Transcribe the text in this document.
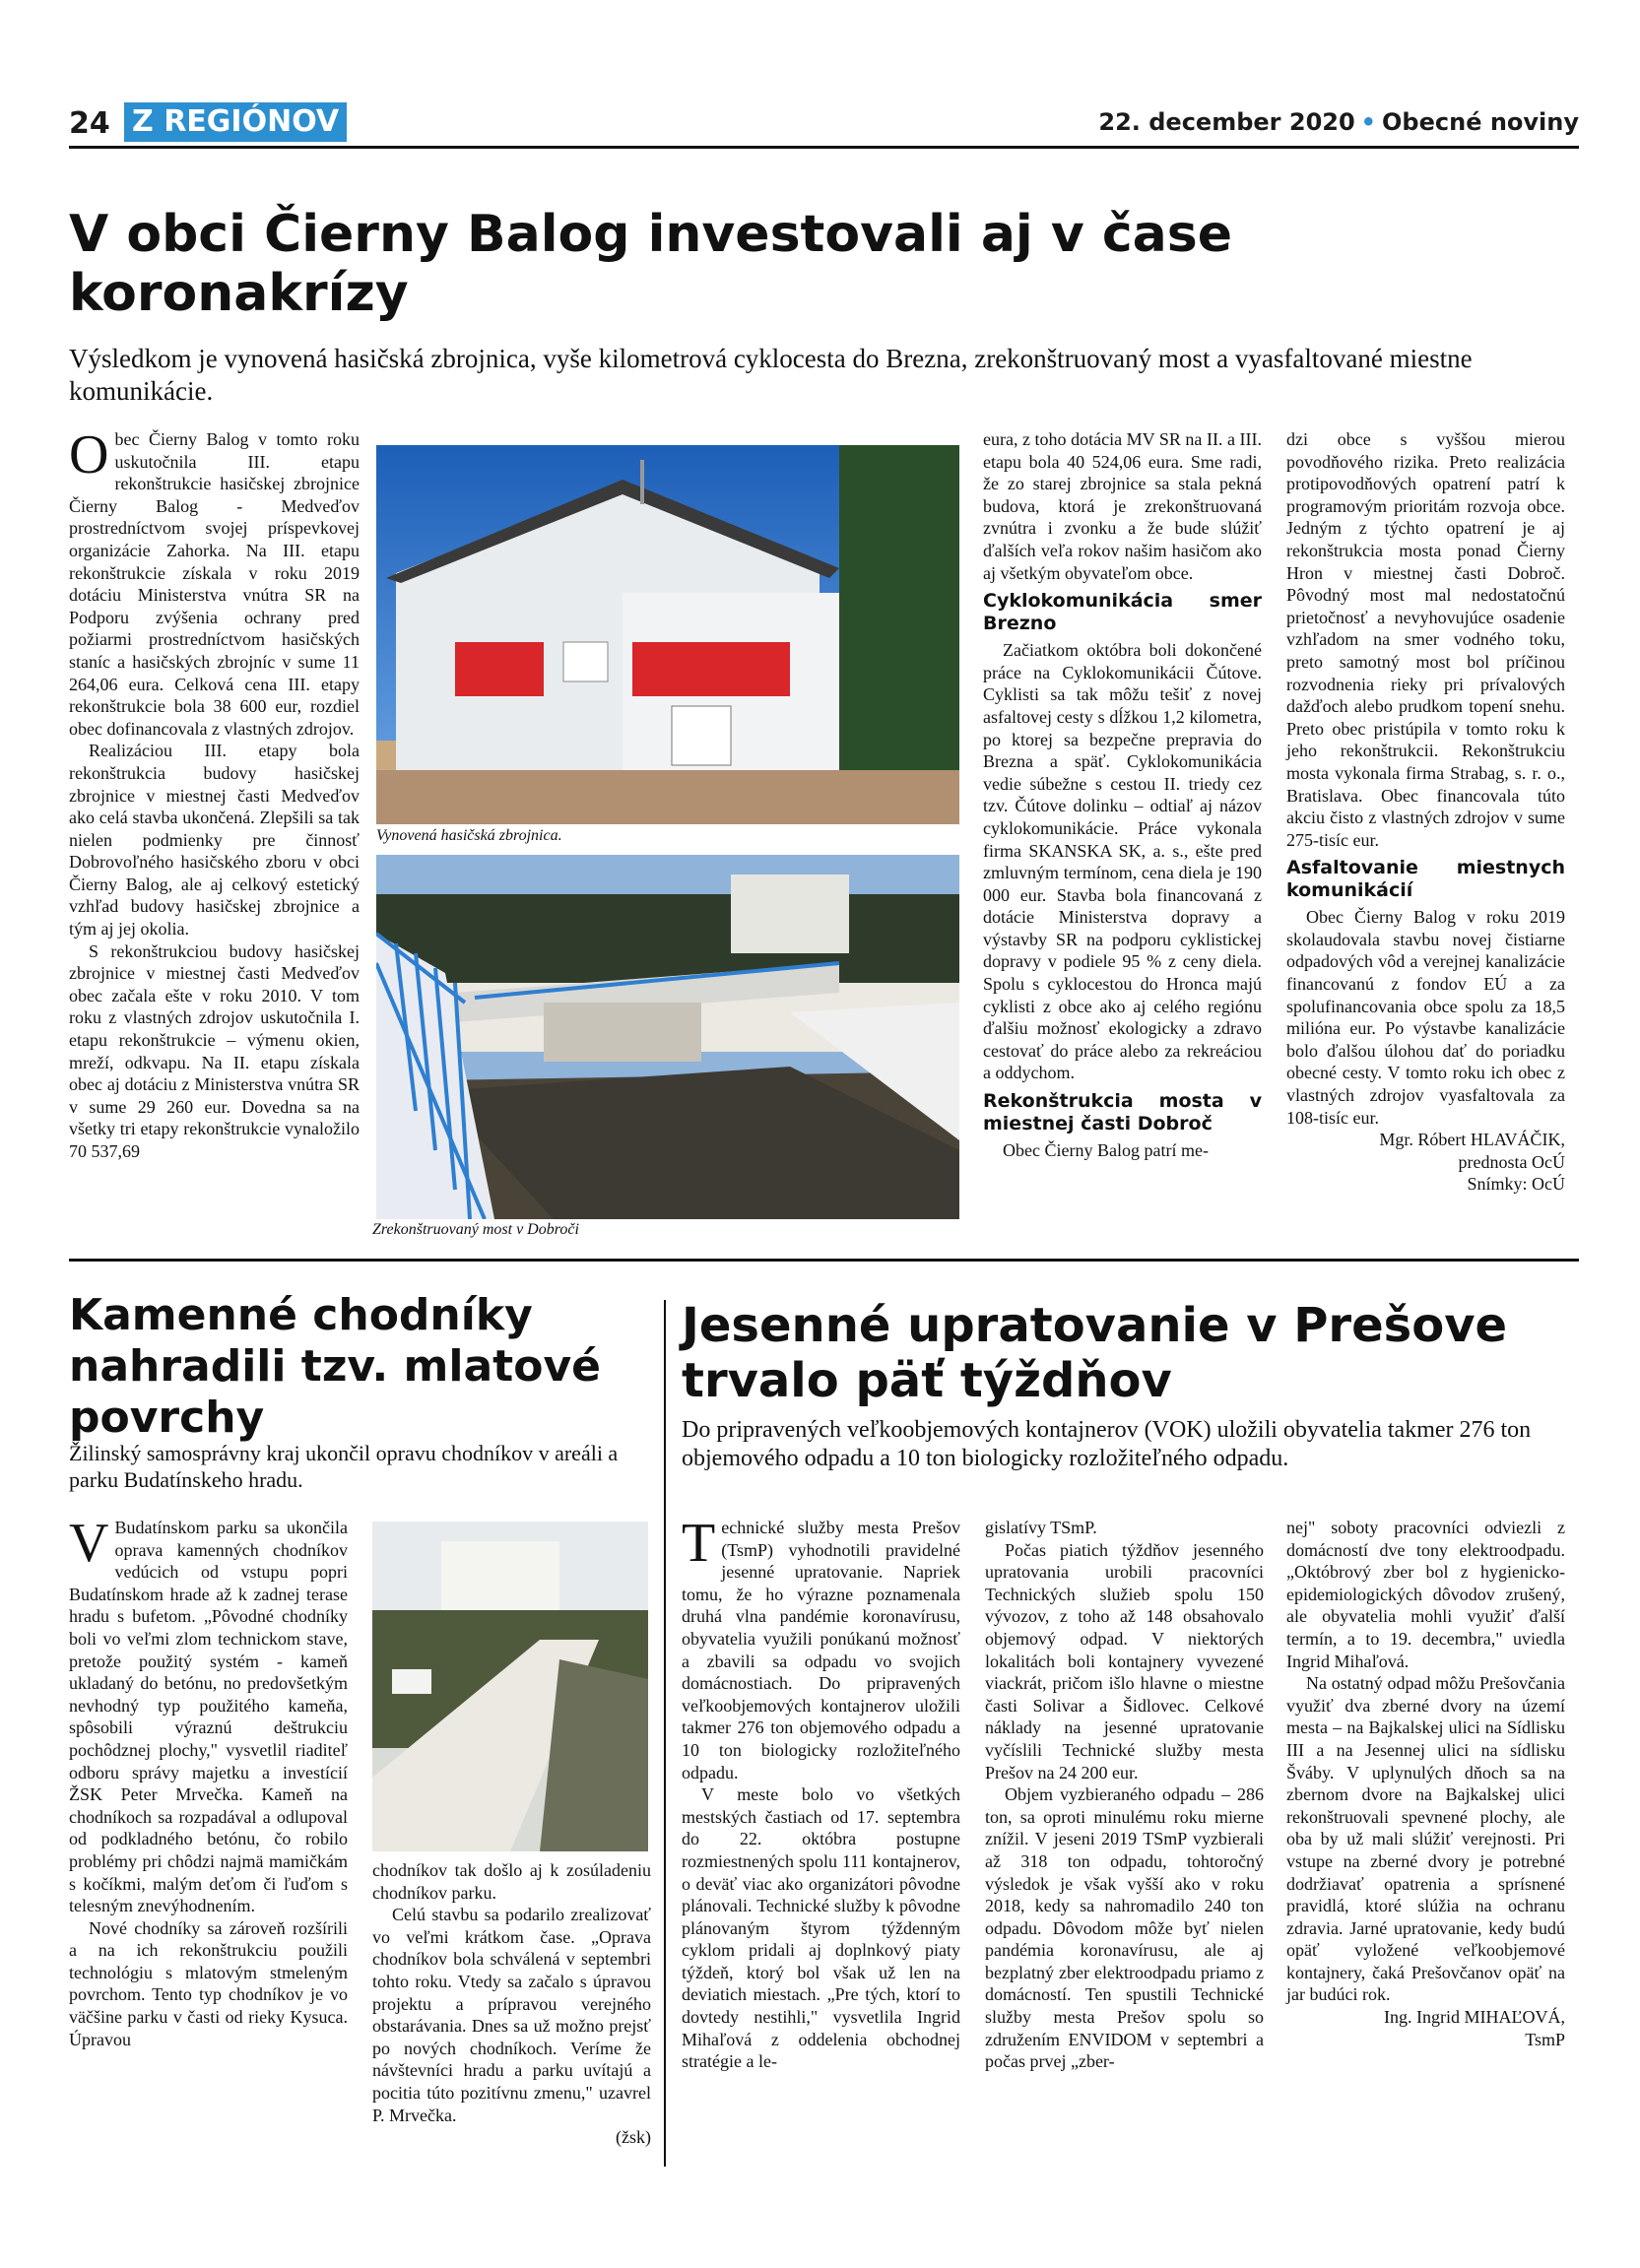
24 Z REGIÓNOV	22. december 2020 • Obecné noviny
V obci Čierny Balog investovali aj v čase koronakrízy
Výsledkom je vynovená hasičská zbrojnica, vyše kilometrová cyklocesta do Brezna, zrekonštruovaný most a vyasfaltované miestne komunikácie.

Obec Čierny Balog v tomto roku uskutočnila III. etapu rekonštrukcie hasičskej zbrojnice Čierny Balog - Medveďov prostredníctvom svojej príspevkovej organizácie Zahorka. Na III. etapu rekonštrukcie získala v roku 2019 dotáciu Ministerstva vnútra SR na Podporu zvýšenia ochrany pred požiarmi prostredníctvom hasičských staníc a hasičských zbrojníc v sume 11 264,06 eura. Celková cena III. etapy rekonštrukcie bola 38 600 eur, rozdiel obec dofinancovala z vlastných zdrojov.

Realizáciou III. etapy bola rekonštrukcia budovy hasičskej zbrojnice v miestnej časti Medveďov ako celá stavba ukončená. Zlepšili sa tak nielen podmienky pre činnosť Dobrovoľného hasičského zboru v obci Čierny Balog, ale aj celkový estetický vzhľad budovy hasičskej zbrojnice a tým aj jej okolia.

S rekonštrukciou budovy hasičskej zbrojnice v miestnej časti Medveďov obec začala ešte v roku 2010. V tom roku z vlastných zdrojov uskutočnila I. etapu rekonštrukcie – výmenu okien, mreží, odkvapu. Na II. etapu získala obec aj dotáciu z Ministerstva vnútra SR v sume 29 260 eur. Dovedna sa na všetky tri etapy rekonštrukcie vynaložilo 70 537,69

Vynovená hasičská zbrojnica.
Zrekonštruovaný most v Dobroči

eura, z toho dotácia MV SR na II. a III. etapu bola 40 524,06 eura. Sme radi, že zo starej zbrojnice sa stala pekná budova, ktorá je zrekonštruovaná zvnútra i zvonku a že bude slúžiť ďalších veľa rokov našim hasičom ako aj všetkým obyvateľom obce.

Cyklokomunikácia smer Brezno

Začiatkom októbra boli dokončené práce na Cyklokomunikácii Čútove. Cyklisti sa tak môžu tešiť z novej asfaltovej cesty s dĺžkou 1,2 kilometra, po ktorej sa bezpečne prepravia do Brezna a späť. Cyklokomunikácia vedie súbežne s cestou II. triedy cez tzv. Čútove dolinku – odtiaľ aj názov cyklokomunikácie. Práce vykonala firma SKANSKA SK, a. s., ešte pred zmluvným termínom, cena diela je 190 000 eur. Stavba bola financovaná z dotácie Ministerstva dopravy a výstavby SR na podporu cyklistickej dopravy v podiele 95 % z ceny diela. Spolu s cyklocestou do Hronca majú cyklisti z obce ako aj celého regiónu ďalšiu možnosť ekologicky a zdravo cestovať do práce alebo za rekreáciou a oddychom.

Rekonštrukcia mosta v miestnej časti Dobroč

Obec Čierny Balog patrí me-

dzi obce s vyššou mierou povodňového rizika. Preto realizácia protipovodňových opatrení patrí k programovým prioritám rozvoja obce. Jedným z týchto opatrení je aj rekonštrukcia mosta ponad Čierny Hron v miestnej časti Dobroč. Pôvodný most mal nedostatočnú prietočnosť a nevyhovujúce osadenie vzhľadom na smer vodného toku, preto samotný most bol príčinou rozvodnenia rieky pri prívalových dažďoch alebo prudkom topení snehu. Preto obec pristúpila v tomto roku k jeho rekonštrukcii. Rekonštrukciu mosta vykonala firma Strabag, s. r. o., Bratislava. Obec financovala túto akciu čisto z vlastných zdrojov v sume 275-tisíc eur.

Asfaltovanie miestnych komunikácií

Obec Čierny Balog v roku 2019 skolaudovala stavbu novej čistiarne odpadových vôd a verejnej kanalizácie financovanú z fondov EÚ a za spolufinancovania obce spolu za 18,5 milióna eur. Po výstavbe kanalizácie bolo ďalšou úlohou dať do poriadku obecné cesty. V tomto roku ich obec z vlastných zdrojov vyasfaltovala za 108-tisíc eur.

Mgr. Róbert HLAVÁČIK,

prednosta OcÚ

Snímky: OcÚ

Kamenné chodníky nahradili tzv. mlatové povrchy
Žilinský samosprávny kraj ukončil opravu chodníkov v areáli a parku Budatínskeho hradu.

V Budatínskom parku sa ukončila oprava kamenných chodníkov vedúcich od vstupu popri Budatínskom hrade až k zadnej terase hradu s bufetom. „Pôvodné chodníky boli vo veľmi zlom technickom stave, pretože použitý systém - kameň ukladaný do betónu, no predovšetkým nevhodný typ použitého kameňa, spôsobili výraznú deštrukciu pochôdznej plochy," vysvetlil riaditeľ odboru správy majetku a investícií ŽSK Peter Mrvečka. Kameň na chodníkoch sa rozpadával a odlupoval od podkladného betónu, čo robilo problémy pri chôdzi najmä mamičkám s kočíkmi, malým deťom či ľuďom s telesným znevýhodnením.

Nové chodníky sa zároveň rozšírili a na ich rekonštrukciu použili technológiu s mlatovým stmeleným povrchom. Tento typ chodníkov je vo väčšine parku v časti od rieky Kysuca. Úpravou

chodníkov tak došlo aj k zosúladeniu chodníkov parku.

Celú stavbu sa podarilo zrealizovať vo veľmi krátkom čase. „Oprava chodníkov bola schválená v septembri tohto roku. Vtedy sa začalo s úpravou projektu a prípravou verejného obstarávania. Dnes sa už možno prejsť po nových chodníkoch. Veríme že návštevníci hradu a parku uvítajú a pocitia túto pozitívnu zmenu," uzavrel P. Mrvečka.

(žsk)

Jesenné upratovanie v Prešove trvalo päť týždňov
Do pripravených veľkoobjemových kontajnerov (VOK) uložili obyvatelia takmer 276 ton objemového odpadu a 10 ton biologicky rozložiteľného odpadu.

Technické služby mesta Prešov (TsmP) vyhodnotili pravidelné jesenné upratovanie. Napriek tomu, že ho výrazne poznamenala druhá vlna pandémie koronavírusu, obyvatelia využili ponúkanú možnosť a zbavili sa odpadu vo svojich domácnostiach. Do pripravených veľkoobjemových kontajnerov uložili takmer 276 ton objemového odpadu a 10 ton biologicky rozložiteľného odpadu.

V meste bolo vo všetkých mestských častiach od 17. septembra do 22. októbra postupne rozmiestnených spolu 111 kontajnerov, o deväť viac ako organizátori pôvodne plánovali. Technické služby k pôvodne plánovaným štyrom týždenným cyklom pridali aj doplnkový piaty týždeň, ktorý bol však už len na deviatich miestach. „Pre tých, ktorí to dovtedy nestihli," vysvetlila Ingrid Mihaľová z oddelenia obchodnej stratégie a le-

gislatívy TSmP.

Počas piatich týždňov jesenného upratovania urobili pracovníci Technických služieb spolu 150 vývozov, z toho až 148 obsahovalo objemový odpad. V niektorých lokalitách boli kontajnery vyvezené viackrát, pričom išlo hlavne o miestne časti Solivar a Šidlovec. Celkové náklady na jesenné upratovanie vyčíslili Technické služby mesta Prešov na 24 200 eur.

Objem vyzbieraného odpadu – 286 ton, sa oproti minulému roku mierne znížil. V jeseni 2019 TSmP vyzbierali až 318 ton odpadu, tohtoročný výsledok je však vyšší ako v roku 2018, kedy sa nahromadilo 240 ton odpadu. Dôvodom môže byť nielen pandémia koronavírusu, ale aj bezplatný zber elektroodpadu priamo z domácností. Ten spustili Technické služby mesta Prešov spolu so združením ENVIDOM v septembri a počas prvej „zber-

nej" soboty pracovníci odviezli z domácností dve tony elektroodpadu. „Októbrový zber bol z hygienicko-epidemiologických dôvodov zrušený, ale obyvatelia mohli využiť ďalší termín, a to 19. decembra," uviedla Ingrid Mihaľová.

Na ostatný odpad môžu Prešovčania využiť dva zberné dvory na území mesta – na Bajkalskej ulici na Sídlisku III a na Jesennej ulici na sídlisku Šváby. V uplynulých dňoch sa na zbernom dvore na Bajkalskej ulici rekonštruovali spevnené plochy, ale oba by už mali slúžiť verejnosti. Pri vstupe na zberné dvory je potrebné dodržiavať opatrenia a sprísnené pravidlá, ktoré slúžia na ochranu zdravia. Jarné upratovanie, kedy budú opäť vyložené veľkoobjemové kontajnery, čaká Prešovčanov opäť na jar budúci rok.

Ing. Ingrid MIHAĽOVÁ,

TsmP
